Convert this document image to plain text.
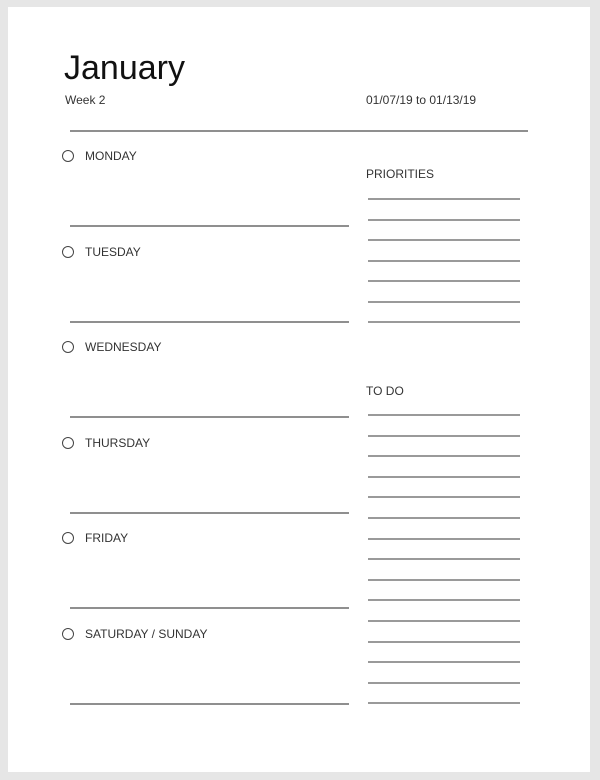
January
Week 2	01/07/19 to 01/13/19
MONDAY
TUESDAY
WEDNESDAY
THURSDAY
FRIDAY
SATURDAY / SUNDAY
PRIORITIES
TO DO
